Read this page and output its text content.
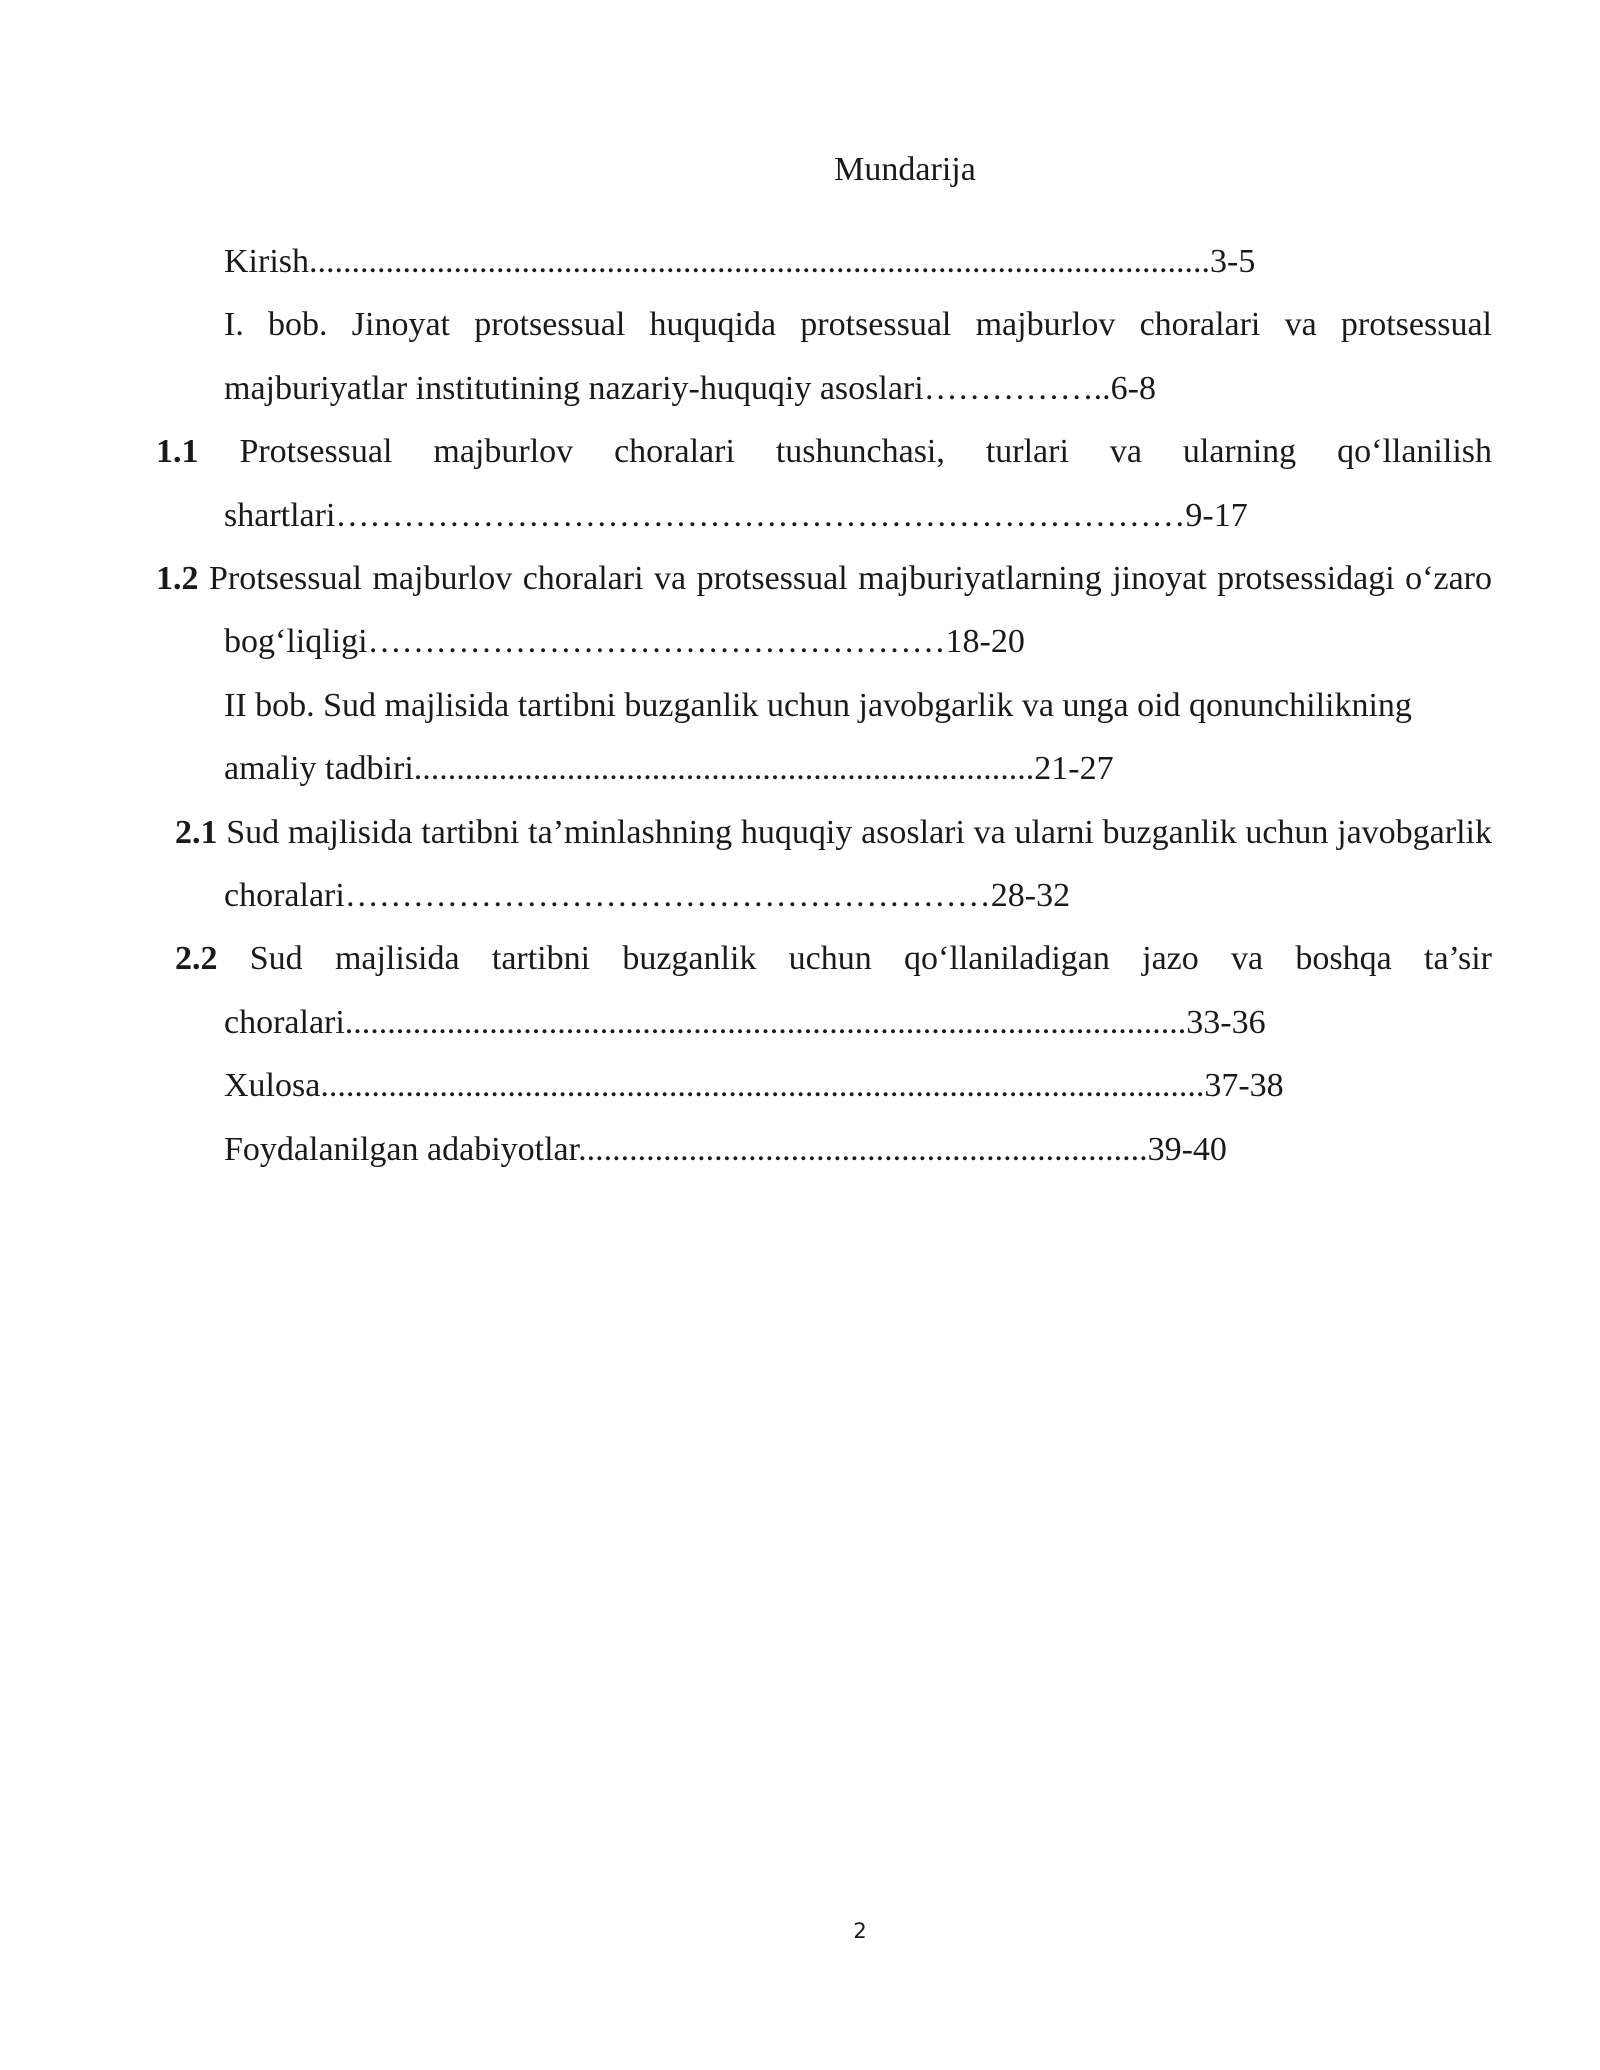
Mundarija

Kirish..........................................................................................................3-5

I. bob. Jinoyat protsessual huquqida protsessual majburlov choralari va protsessual majburiyatlar institutining nazariy-huquqiy asoslari……………..6-8

1.1 Protsessual majburlov choralari tushunchasi, turlari va ularning qo‘llanilish shartlari…………………………………………………………………9-17

1.2 Protsessual majburlov choralari va protsessual majburiyatlarning jinoyat protsessidagi o‘zaro bog‘liqligi……………………………………………18-20

II bob. Sud majlisida tartibni buzganlik uchun javobgarlik va unga oid qonunchilikning amaliy tadbiri.........................................................................21-27

2.1 Sud majlisida tartibni ta’minlashning huquqiy asoslari va ularni buzganlik uchun javobgarlik choralari…………………………………………………28-32

2.2 Sud majlisida tartibni buzganlik uchun qo‘llaniladigan jazo va boshqa ta’sir choralari...................................................................................................33-36

Xulosa........................................................................................................37-38

Foydalanilgan adabiyotlar...................................................................39-40

2
